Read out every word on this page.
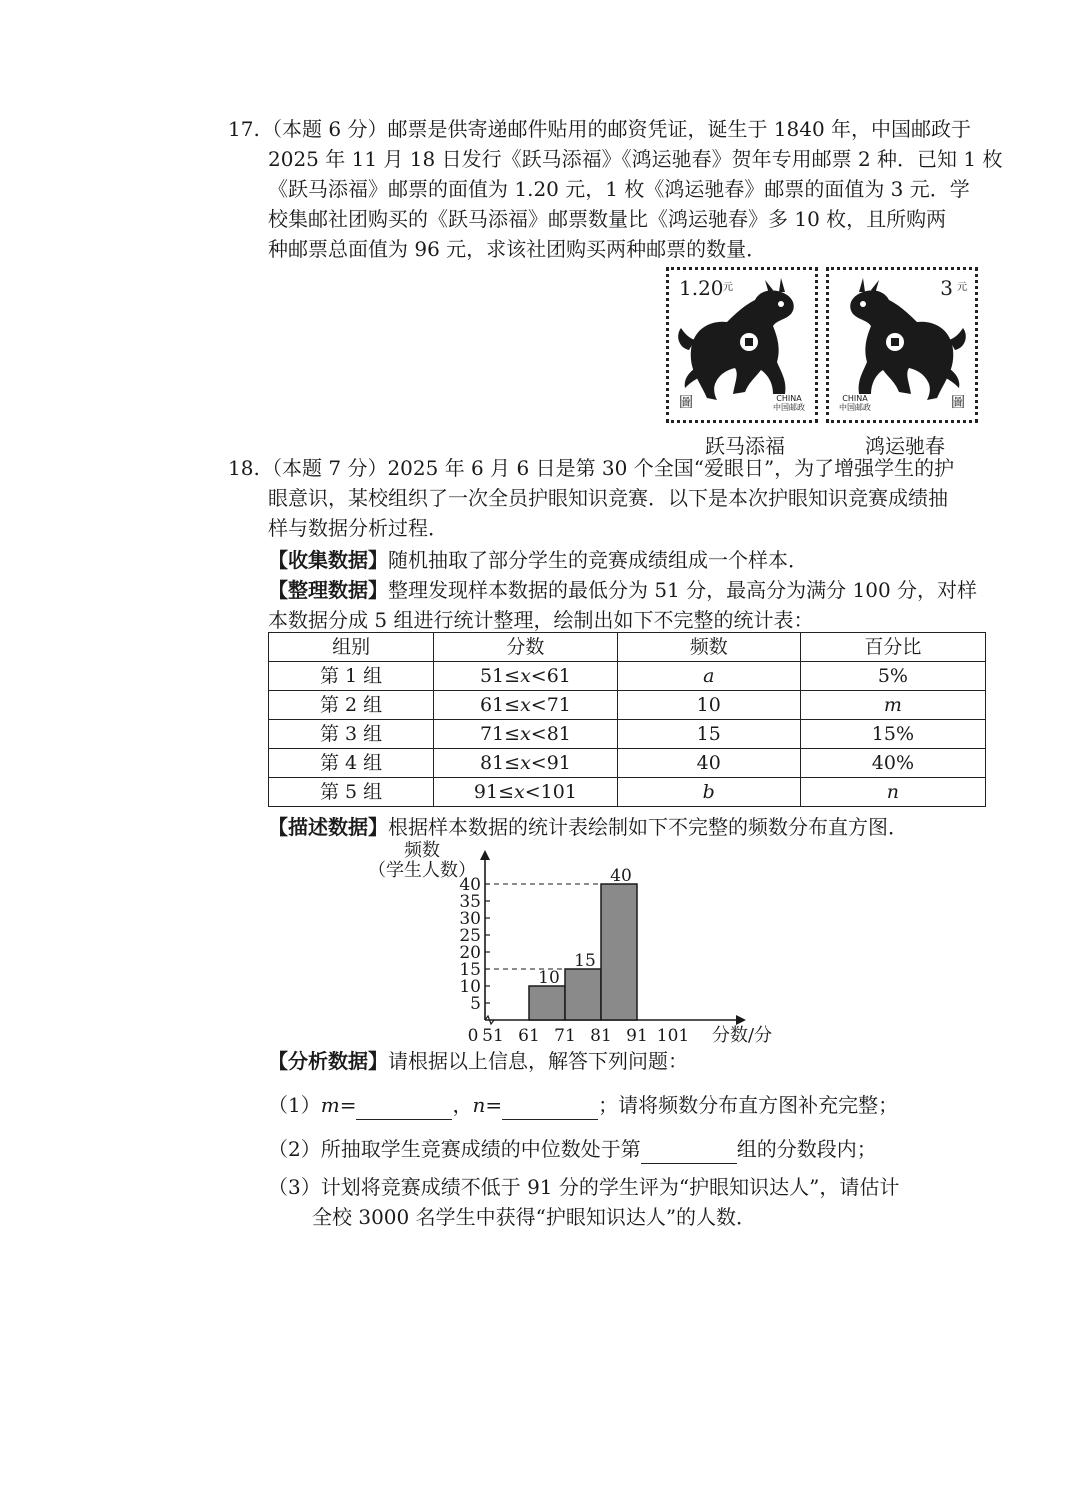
17. （本题 6 分）邮票是供寄递邮件贴用的邮资凭证，诞生于 1840 年，中国邮政于
2025 年 11 月 18 日发行《跃马添福》《鸿运驰春》贺年专用邮票 2 种．已知 1 枚
《跃马添福》邮票的面值为 1.20 元，1 枚《鸿运驰春》邮票的面值为 3 元．学
校集邮社团购买的《跃马添福》邮票数量比《鸿运驰春》多 10 枚，且所购两
种邮票总面值为 96 元，求该社团购买两种邮票的数量．
1.20 元
CHINA
中国邮政
圖
跃马添福
3 元
CHINA
中国邮政	圖
鸿运驰春
18. （本题 7 分）2025 年 6 月 6 日是第 30 个全国“爱眼日”，为了增强学生的护
眼意识，某校组织了一次全员护眼知识竞赛．以下是本次护眼知识竞赛成绩抽
样与数据分析过程．
【收集数据】随机抽取了部分学生的竞赛成绩组成一个样本．
【整理数据】整理发现样本数据的最低分为 51 分，最高分为满分 100 分，对样
本数据分成 5 组进行统计整理，绘制出如下不完整的统计表：
组别	分数	频数	百分比
第 1 组	51≤x<61	a	5%
第 2 组	61≤x<71	10	m
第 3 组	71≤x<81	15	15%
第 4 组	81≤x<91	40	40%
第 5 组	91≤x<101	b	n
【描述数据】根据样本数据的统计表绘制如下不完整的频数分布直方图．
5
10
15
20
25
30
35
40
10
15
40
0 51 61 71 81 91 101 分数/分
频数
（学生人数）
【分析数据】请根据以上信息，解答下列问题：
（1）m=	，n=	；请将频数分布直方图补充完整；
（2）所抽取学生竞赛成绩的中位数处于第	组的分数段内；
（3）计划将竞赛成绩不低于 91 分的学生评为“护眼知识达人”，请估计
全校 3000 名学生中获得“护眼知识达人”的人数．
